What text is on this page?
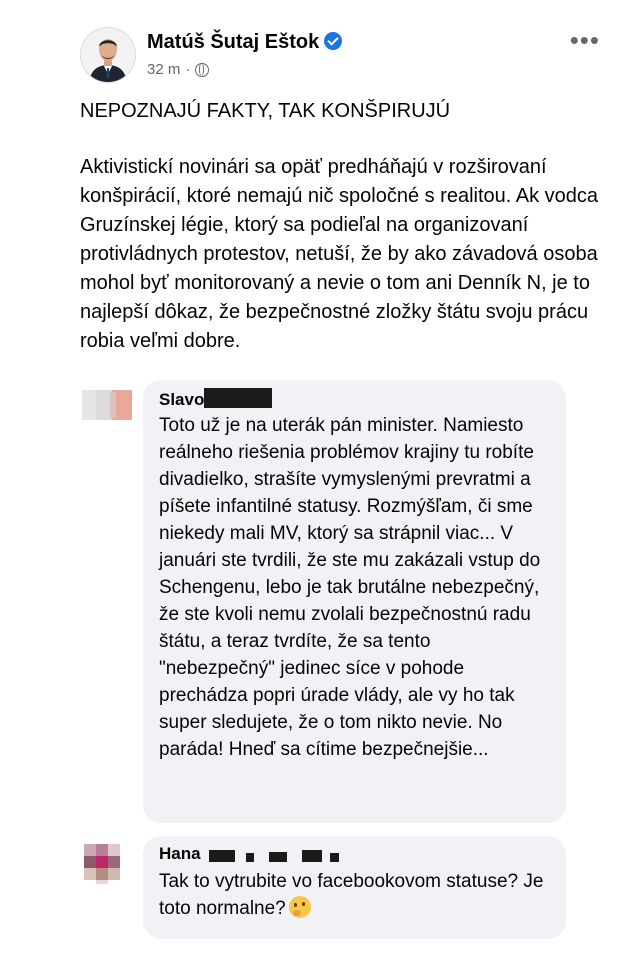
Matúš Šutaj Eštok
32 m ·
•••
NEPOZNAJÚ FAKTY, TAK KONŠPIRUJÚ

Aktivistickí novinári sa opäť predháňajú v rozširovaní konšpirácií, ktoré nemajú nič spoločné s realitou. Ak vodca Gruzínskej légie, ktorý sa podieľal na organizovaní protivládnych protestov, netuší, že by ako závadová osoba mohol byť monitorovaný a nevie o tom ani Denník N, je to najlepší dôkaz, že bezpečnostné zložky štátu svoju prácu robia veľmi dobre.

Slavo
Toto už je na uterák pán minister. Namiesto reálneho riešenia problémov krajiny tu robíte divadielko, strašíte vymyslenými prevratmi a píšete infantilné statusy. Rozmýšľam, či sme niekedy mali MV, ktorý sa strápnil viac... V januári ste tvrdili, že ste mu zakázali vstup do Schengenu, lebo je tak brutálne nebezpečný, že ste kvoli nemu zvolali bezpečnostnú radu štátu, a teraz tvrdíte, že sa tento "nebezpečný" jedinec síce v pohode prechádza popri úrade vlády, ale vy ho tak super sledujete, že o tom nikto nevie. No paráda! Hneď sa cítime bezpečnejšie...
Hana
Tak to vytrubite vo facebookovom statuse? Je toto normalne?
